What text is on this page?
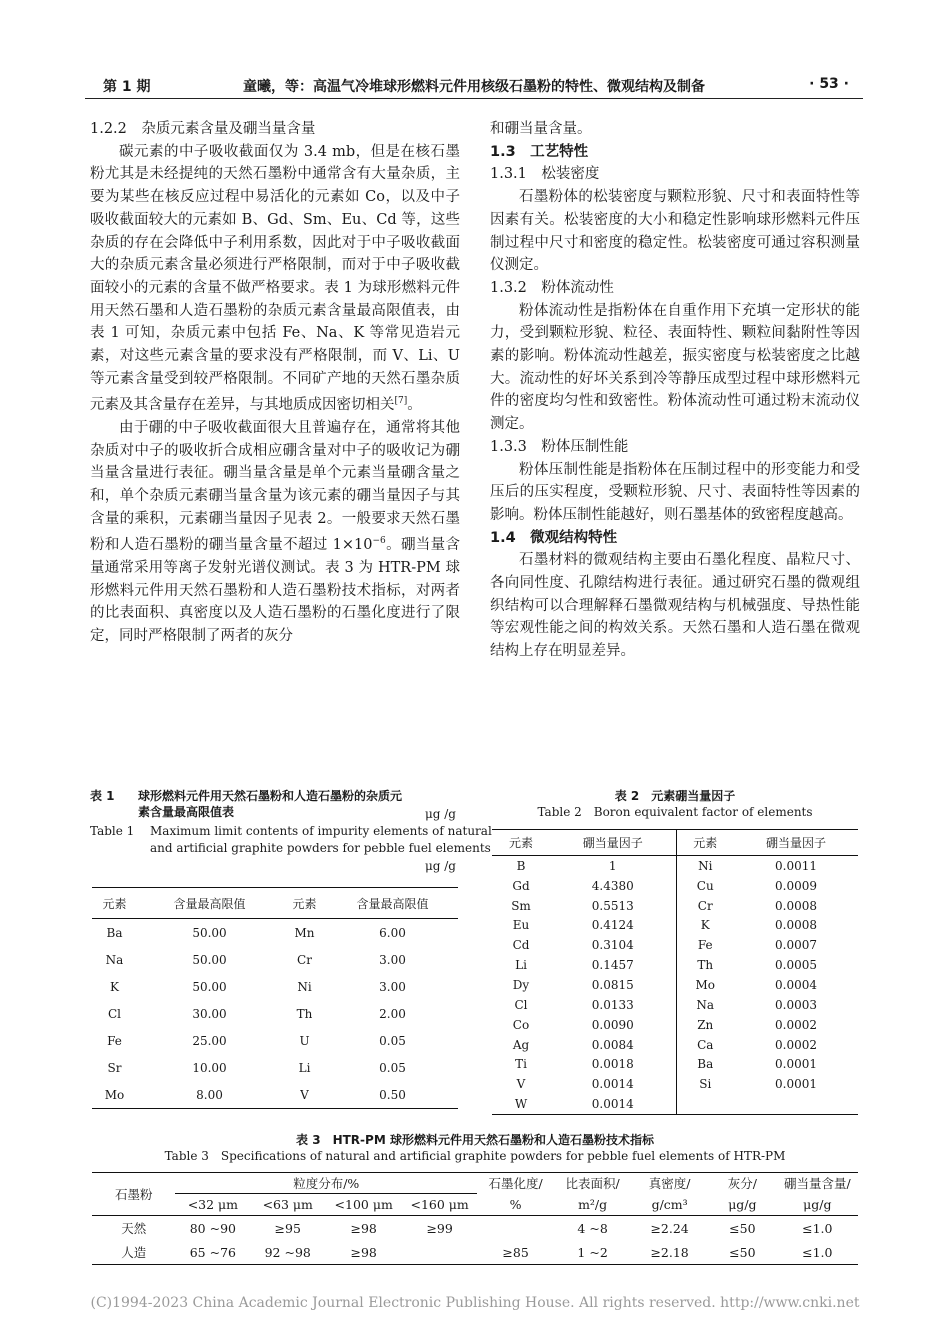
第 1 期	童曦，等：高温气冷堆球形燃料元件用核级石墨粉的特性、微观结构及制备	· 53 ·

1.2.2　杂质元素含量及硼当量含量

碳元素的中子吸收截面仅为 3.4 mb，但是在核石墨粉尤其是未经提纯的天然石墨粉中通常含有大量杂质，主要为某些在核反应过程中易活化的元素如 Co，以及中子吸收截面较大的元素如 B、Gd、Sm、Eu、Cd 等，这些杂质的存在会降低中子利用系数，因此对于中子吸收截面大的杂质元素含量必须进行严格限制，而对于中子吸收截面较小的元素的含量不做严格要求。表 1 为球形燃料元件用天然石墨和人造石墨粉的杂质元素含量最高限值表，由表 1 可知，杂质元素中包括 Fe、Na、K 等常见造岩元素，对这些元素含量的要求没有严格限制，而 V、Li、U 等元素含量受到较严格限制。不同矿产地的天然石墨杂质元素及其含量存在差异，与其地质成因密切相关[7]。

由于硼的中子吸收截面很大且普遍存在，通常将其他杂质对中子的吸收折合成相应硼含量对中子的吸收记为硼当量含量进行表征。硼当量含量是单个元素当量硼含量之和，单个杂质元素硼当量含量为该元素的硼当量因子与其含量的乘积，元素硼当量因子见表 2。一般要求天然石墨粉和人造石墨粉的硼当量含量不超过 $1\times 10^{-6}$。硼当量含量通常采用等离子发射光谱仪测试。表 3 为 HTR-PM 球形燃料元件用天然石墨粉和人造石墨粉技术指标，对两者的比表面积、真密度以及人造石墨粉的石墨化度进行了限定，同时严格限制了两者的灰分

和硼当量含量。

1.3　工艺特性

1.3.1　松装密度

石墨粉体的松装密度与颗粒形貌、尺寸和表面特性等因素有关。松装密度的大小和稳定性影响球形燃料元件压制过程中尺寸和密度的稳定性。松装密度可通过容积测量仪测定。

1.3.2　粉体流动性

粉体流动性是指粉体在自重作用下充填一定形状的能力，受到颗粒形貌、粒径、表面特性、颗粒间黏附性等因素的影响。粉体流动性越差，振实密度与松装密度之比越大。流动性的好坏关系到冷等静压成型过程中球形燃料元件的密度均匀性和致密性。粉体流动性可通过粉末流动仪测定。

1.3.3　粉体压制性能

粉体压制性能是指粉体在压制过程中的形变能力和受压后的压实程度，受颗粒形貌、尺寸、表面特性等因素的影响。粉体压制性能越好，则石墨基体的致密程度越高。

1.4　微观结构特性

石墨材料的微观结构主要由石墨化程度、晶粒尺寸、各向同性度、孔隙结构进行表征。通过研究石墨的微观组织结构可以合理解释石墨微观结构与机械强度、导热性能等宏观性能之间的构效关系。天然石墨和人造石墨在微观结构上存在明显差异。

表 1 球形燃料元件用天然石墨粉和人造石墨粉的杂质元
素含量最高限值表	μg /g
Table 1 Maximum limit contents of impurity elements of natural
and artificial graphite powders for pebble fuel elements
μg /g
元素	含量最高限值	元素	含量最高限值
Ba	50.00	Mn	6.00
Na	50.00	Cr	3.00
K	50.00	Ni	3.00
Cl	30.00	Th	2.00
Fe	25.00	U	0.05
Sr	10.00	Li	0.05
Mo	8.00	V	0.50
表 2　元素硼当量因子
Table 2　Boron equivalent factor of elements
元素	硼当量因子	元素	硼当量因子
B	1	Ni	0.0011
Gd	4.4380	Cu	0.0009
Sm	0.5513	Cr	0.0008
Eu	0.4124	K	0.0008
Cd	0.3104	Fe	0.0007
Li	0.1457	Th	0.0005
Dy	0.0815	Mo	0.0004
Cl	0.0133	Na	0.0003
Co	0.0090	Zn	0.0002
Ag	0.0084	Ca	0.0002
Ti	0.0018	Ba	0.0001
V	0.0014	Si	0.0001
W	0.0014		
表 3　HTR-PM 球形燃料元件用天然石墨粉和人造石墨粉技术指标
Table 3　Specifications of natural and artificial graphite powders for pebble fuel elements of HTR-PM
石墨粉	粒度分布/%				石墨化度/	比表面积/	真密度/	灰分/	硼当量含量/
	<32 μm	<63 μm	<100 μm	<160 μm	%	m²/g	g/cm³	μg/g	μg/g
天然	80 ~90	≥95	≥98	≥99		4 ~8	≥2.24	≤50	≤1.0
人造	65 ~76	92 ~98	≥98		≥85	1 ~2	≥2.18	≤50	≤1.0
(C)1994-2023 China Academic Journal Electronic Publishing House. All rights reserved. http://www.cnki.net
